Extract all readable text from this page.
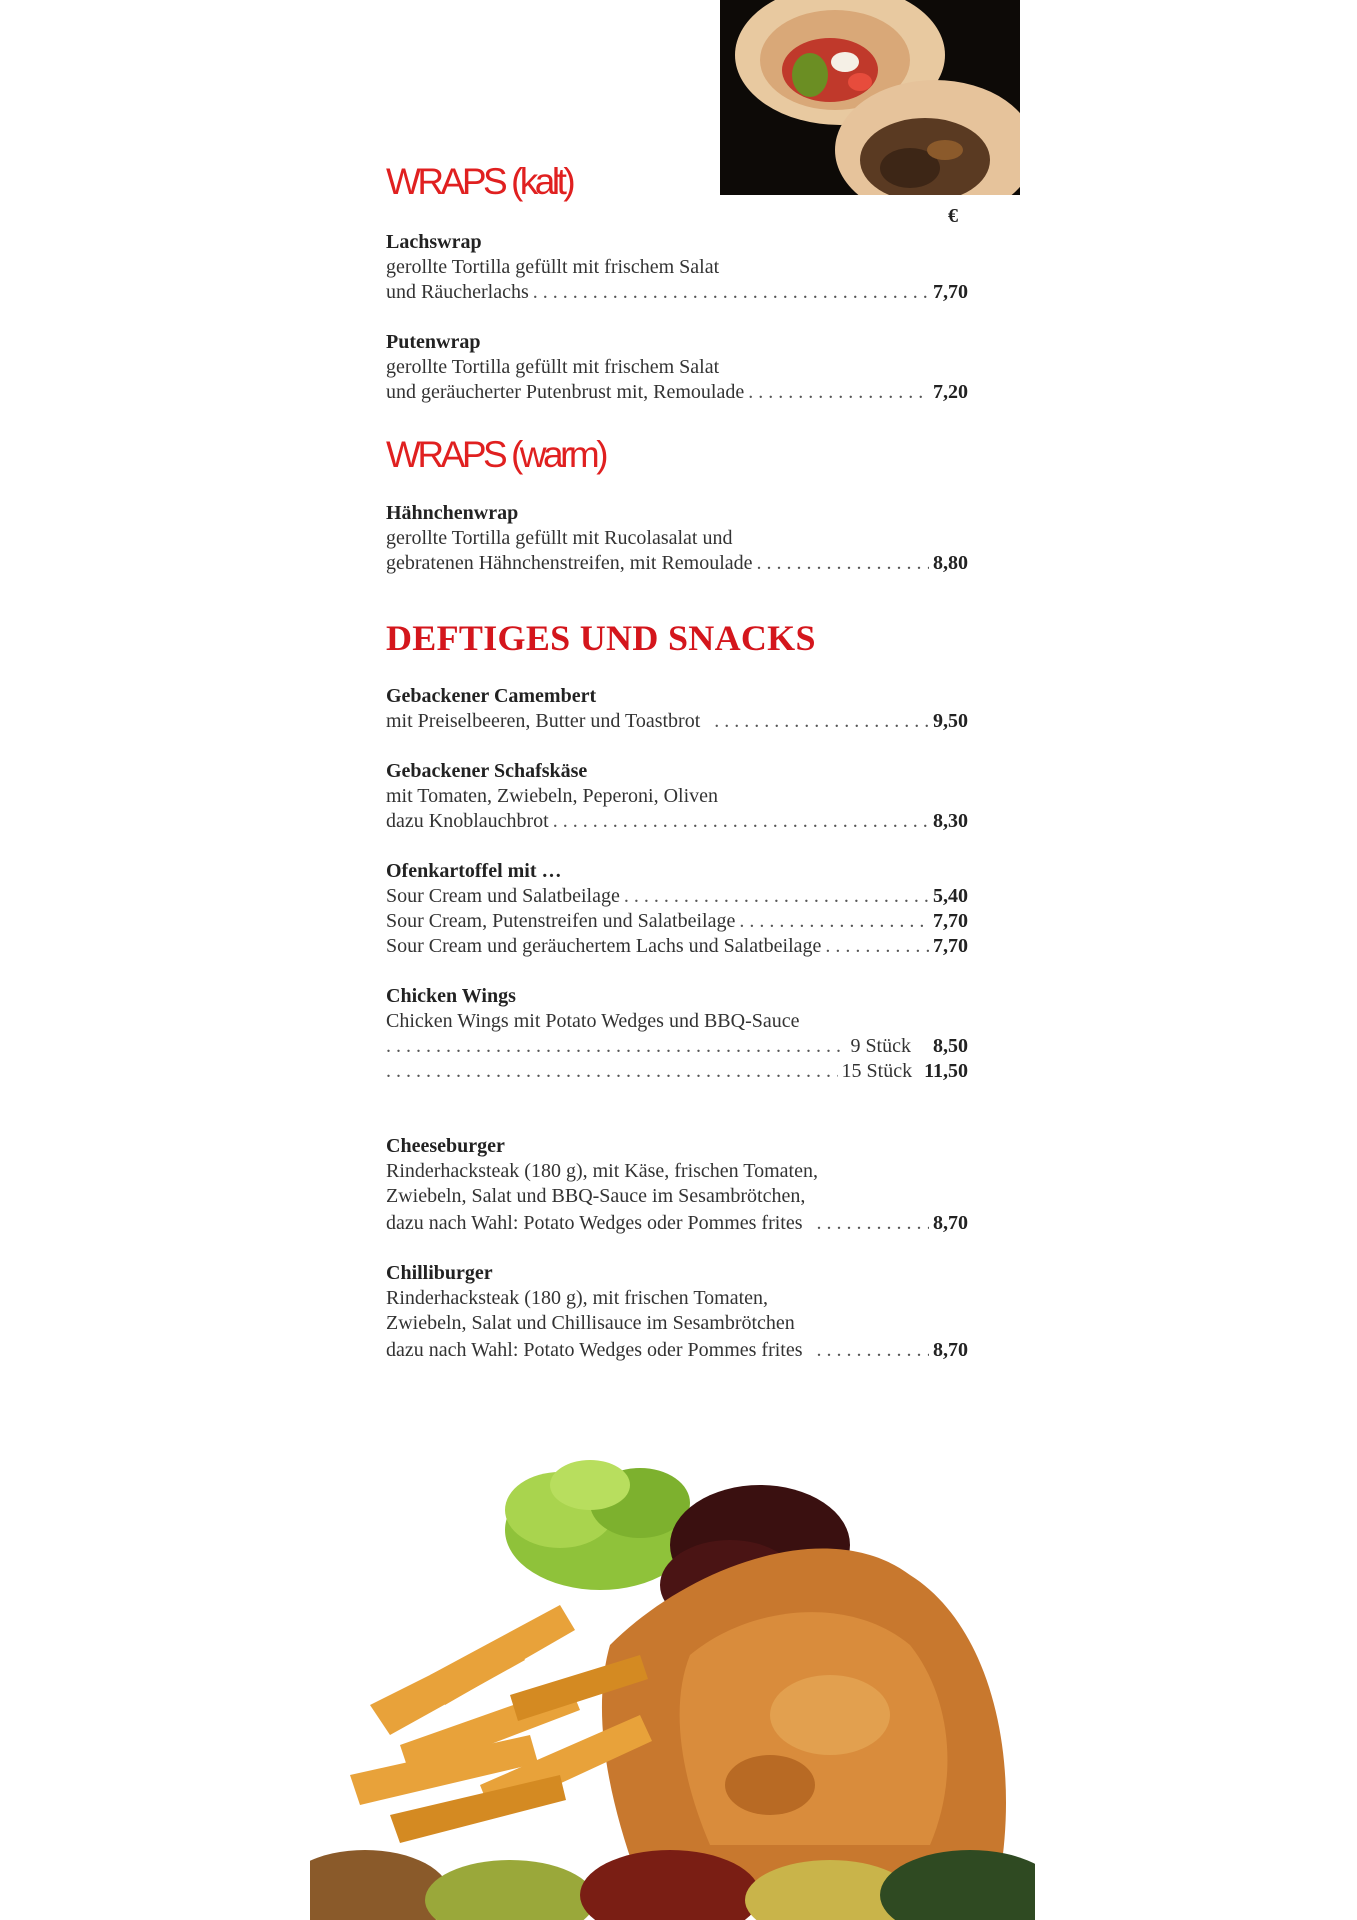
WRAPS (kalt)
€
Lachswrap
gerollte Tortilla gefüllt mit frischem Salat
und Räucherlachs . . .	7,70
Putenwrap
gerollte Tortilla gefüllt mit frischem Salat
und geräucherter Putenbrust mit, Remoulade . . .	7,20
WRAPS (warm)
Hähnchenwrap
gerollte Tortilla gefüllt mit Rucolasalat und
gebratenen Hähnchenstreifen, mit Remoulade . . .	8,80
DEFTIGES UND SNACKS
Gebackener Camembert
mit Preiselbeeren, Butter und Toastbrot . . .	9,50
Gebackener Schafskäse
mit Tomaten, Zwiebeln, Peperoni, Oliven
dazu Knoblauchbrot . . .	8,30
Ofenkartoffel mit …
Sour Cream und Salatbeilage . . .	5,40
Sour Cream, Putenstreifen und Salatbeilage . . .	7,70
Sour Cream und geräuchertem Lachs und Salatbeilage . . .	7,70
Chicken Wings
Chicken Wings mit Potato Wedges und BBQ-Sauce
. . .
9 Stück 8,50
. . .
15 Stück 11,50
Cheeseburger
Rinderhacksteak (180 g), mit Käse, frischen Tomaten,
Zwiebeln, Salat und BBQ-Sauce im Sesambrötchen,
dazu nach Wahl: Potato Wedges oder Pommes frites . . .	8,70
Chilliburger
Rinderhacksteak (180 g), mit frischen Tomaten,
Zwiebeln, Salat und Chillisauce im Sesambrötchen
dazu nach Wahl: Potato Wedges oder Pommes frites . . .	8,70
